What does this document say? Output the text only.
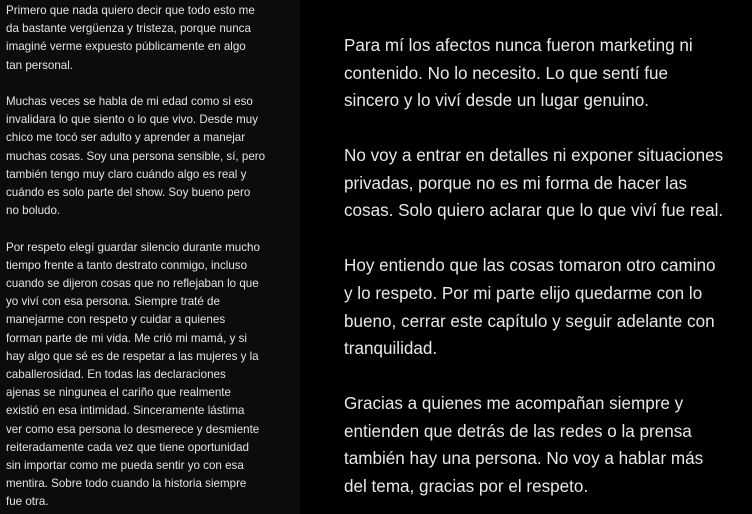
Primero que nada quiero decir que todo esto me
da bastante vergüenza y tristeza, porque nunca
imaginé verme expuesto públicamente en algo
tan personal.

Muchas veces se habla de mi edad como si eso
invalidara lo que siento o lo que vivo. Desde muy
chico me tocó ser adulto y aprender a manejar
muchas cosas. Soy una persona sensible, sí, pero
también tengo muy claro cuándo algo es real y
cuándo es solo parte del show. Soy bueno pero
no boludo.

Por respeto elegí guardar silencio durante mucho
tiempo frente a tanto destrato conmigo, incluso
cuando se dijeron cosas que no reflejaban lo que
yo viví con esa persona. Siempre traté de
manejarme con respeto y cuidar a quienes
forman parte de mi vida. Me crió mi mamá, y si
hay algo que sé es de respetar a las mujeres y la
caballerosidad. En todas las declaraciones
ajenas se ninguneа el cariño que realmente
existió en esa intimidad. Sinceramente lástima
ver como esa persona lo desmerece y desmiente
reiteradamente cada vez que tiene oportunidad
sin importar como me pueda sentir yo con esa
mentira. Sobre todo cuando la historia siempre
fue otra.

Para mí los afectos nunca fueron marketing ni
contenido. No lo necesito. Lo que sentí fue
sincero y lo viví desde un lugar genuino.

No voy a entrar en detalles ni exponer situaciones
privadas, porque no es mi forma de hacer las
cosas. Solo quiero aclarar que lo que viví fue real.

Hoy entiendo que las cosas tomaron otro camino
y lo respeto. Por mi parte elijo quedarme con lo
bueno, cerrar este capítulo y seguir adelante con
tranquilidad.

Gracias a quienes me acompañan siempre y
entienden que detrás de las redes o la prensa
también hay una persona. No voy a hablar más
del tema, gracias por el respeto.
